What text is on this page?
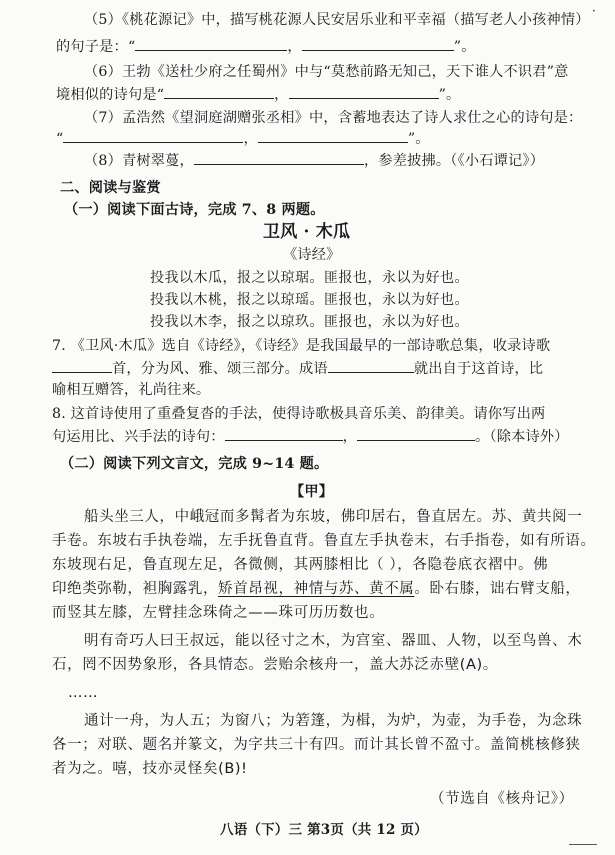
（5）《桃花源记》中，描写桃花源人民安居乐业和平幸福（描写老人小孩神情）
的句子是：“	，	”。
·
（6）王勃《送杜少府之任蜀州》中与“莫愁前路无知己，天下谁人不识君”意
境相似的诗句是“	，	”。
（7）孟浩然《望洞庭湖赠张丞相》中，含蓄地表达了诗人求仕之心的诗句是：
“	，	”。
（8）青树翠蔓，	，参差披拂。（《小石谭记》）
二、阅读与鉴赏
（一）阅读下面古诗，完成 7、8 两题。
卫风 · 木瓜
《诗经》
投我以木瓜，报之以琼琚。匪报也，永以为好也。
投我以木桃，报之以琼瑶。匪报也，永以为好也。
投我以木李，报之以琼玖。匪报也，永以为好也。
7. 《卫风·木瓜》选自《诗经》，《诗经》是我国最早的一部诗歌总集，收录诗歌
首，分为风、雅、颂三部分。成语	就出自于这首诗，比
喻相互赠答，礼尚往来。
8. 这首诗使用了重叠复沓的手法，使得诗歌极具音乐美、韵律美。请你写出两
句运用比、兴手法的诗句：	，	。（除本诗外）
（二）阅读下列文言文，完成 9~14 题。
【甲】
船头坐三人，中峨冠而多髯者为东坡，佛印居右，鲁直居左。苏、黄共阅一
手卷。东坡右手执卷端，左手抚鲁直背。鲁直左手执卷末，右手指卷，如有所语。
东坡现右足，鲁直现左足，各微侧，其两膝相比（ ），各隐卷底衣褶中。佛
印绝类弥勒，袒胸露乳，矫首昂视，神情与苏、黄不属。卧右膝，诎右臂支船，
而竖其左膝，左臂挂念珠倚之——珠可历历数也。
明有奇巧人曰王叔远，能以径寸之木，为宫室、器皿、人物，以至鸟兽、木
石，罔不因势象形，各具情态。尝贻余核舟一，盖大苏泛赤壁(A)。
……
通计一舟，为人五；为窗八；为箬篷，为楫，为炉，为壶，为手卷，为念珠
各一；对联、题名并篆文，为字共三十有四。而计其长曾不盈寸。盖简桃核修狭
者为之。嘻，技亦灵怪矣(B)!
（节选自《核舟记》）
八语（下）三 第3页（共 12 页）
